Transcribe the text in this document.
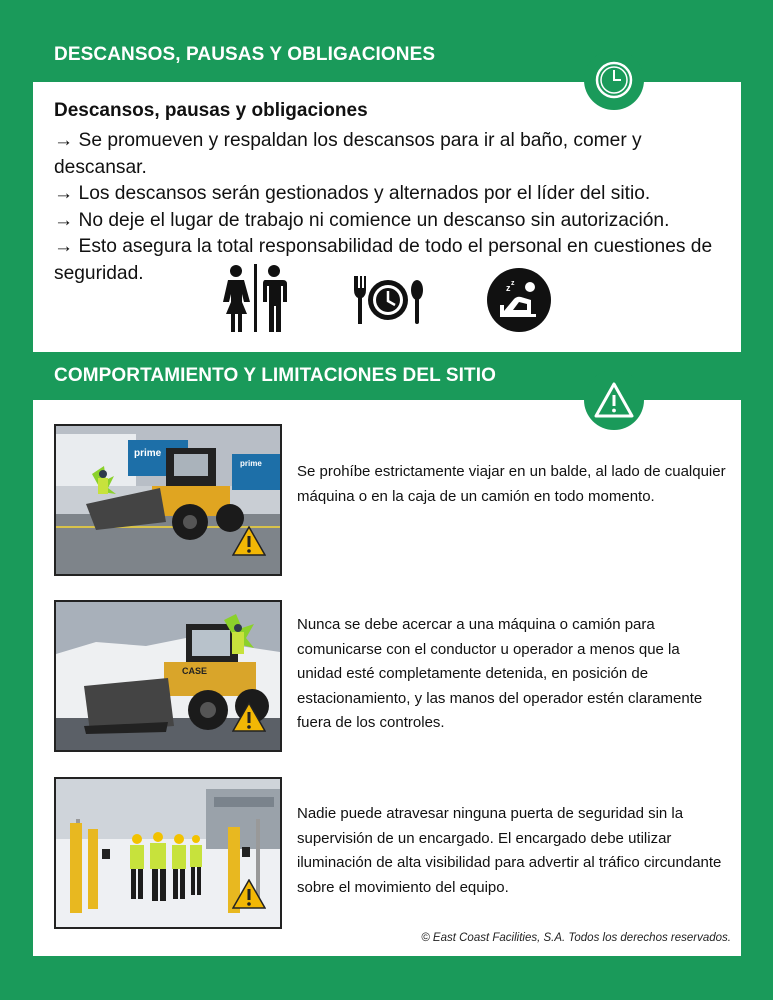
DESCANSOS, PAUSAS Y OBLIGACIONES
Descansos, pausas y obligaciones
→ Se promueven y respaldan los descansos para ir al baño, comer y descansar.
→ Los descansos serán gestionados y alternados por el líder del sitio.
→ No deje el lugar de trabajo ni comience un descanso sin autorización.
→ Esto asegura la total responsabilidad de todo el personal en cuestiones de seguridad.
z z
COMPORTAMIENTO Y LIMITACIONES DEL SITIO
prime
prime Se prohíbe estrictamente viajar en un balde, al lado de cualquier máquina o en la caja de un camión en todo momento.
CASE
Nunca se debe acercar a una máquina o camión para comunicarse con el conductor u operador a menos que la unidad esté completamente detenida, en posición de estacionamiento, y las manos del operador estén claramente fuera de los controles.
Nadie puede atravesar ninguna puerta de seguridad sin la supervisión de un encargado. El encargado debe utilizar iluminación de alta visibilidad para advertir al tráfico circundante sobre el movimiento del equipo.
© East Coast Facilities, S.A. Todos los derechos reservados.
